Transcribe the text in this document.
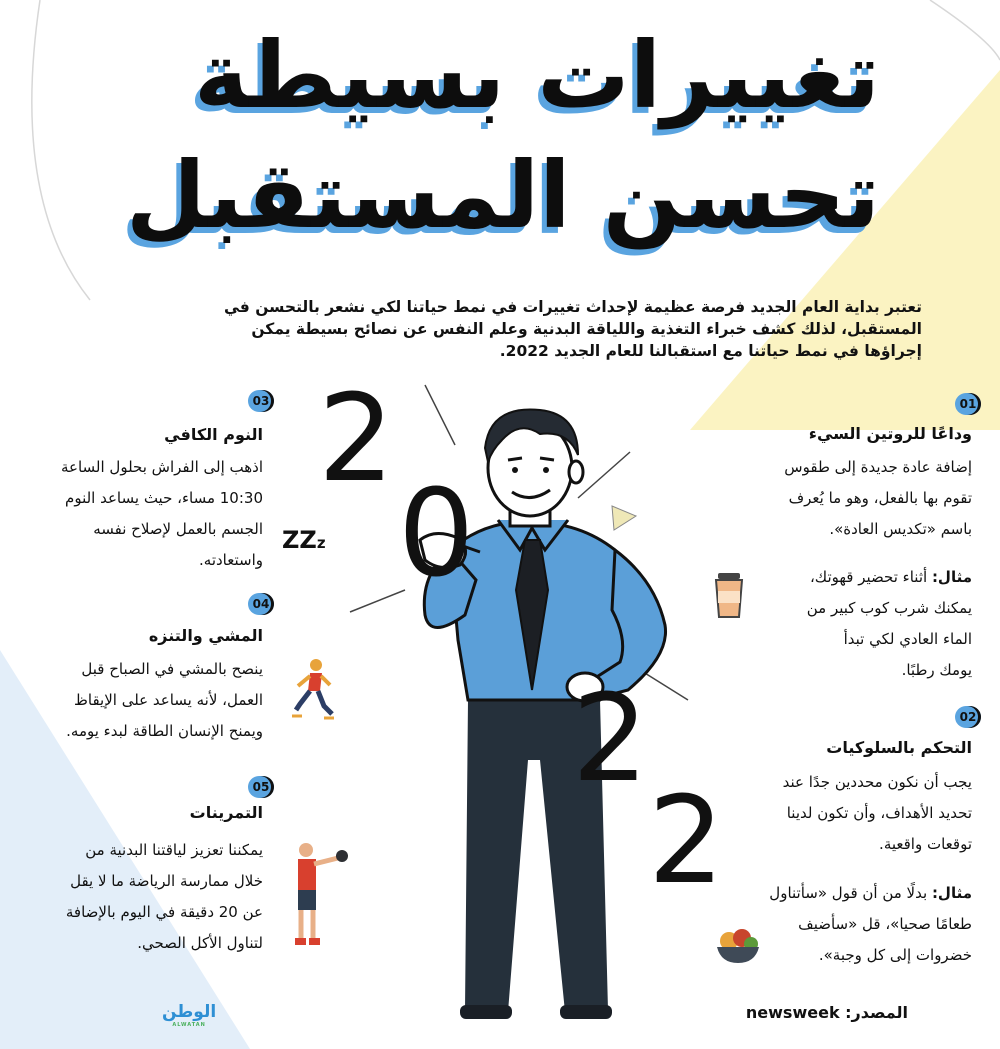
تغييرات بسيطة
تحسن المستقبل
تعتبر بداية العام الجديد فرصة عظيمة لإحداث تغييرات في نمط حياتنا لكي نشعر بالتحسن في المستقبل، لذلك كشف خبراء التغذية واللياقة البدنية وعلم النفس عن نصائح بسيطة يمكن إجراؤها في نمط حياتنا مع استقبالنا للعام الجديد 2022.
2
0
2
2
ZZz
01
وداعًا للروتين السيء
إضافة عادة جديدة إلى طقوس
تقوم بها بالفعل، وهو ما يُعرف
باسم «تكديس العادة».
مثال: أثناء تحضير قهوتك،
يمكنك شرب كوب كبير من
الماء العادي لكي تبدأ
يومك رطبًا.
02
التحكم بالسلوكيات
يجب أن نكون محددين جدًا عند
تحديد الأهداف، وأن تكون لدينا
توقعات واقعية.
مثال: بدلًا من أن قول «سأتناول
طعامًا صحيا»، قل «سأضيف
خضروات إلى كل وجبة».
03
النوم الكافي
اذهب إلى الفراش بحلول الساعة
10:30 مساء، حيث يساعد النوم
الجسم بالعمل لإصلاح نفسه
واستعادته.
04
المشي والتنزه
ينصح بالمشي في الصباح قبل
العمل، لأنه يساعد على الإيقاظ
ويمنح الإنسان الطاقة لبدء يومه.
05
التمرينات
يمكننا تعزيز لياقتنا البدنية من
خلال ممارسة الرياضة ما لا يقل
عن 20 دقيقة في اليوم بالإضافة
لتناول الأكل الصحي.
المصدر: newsweek
الوطن
ALWATAN
